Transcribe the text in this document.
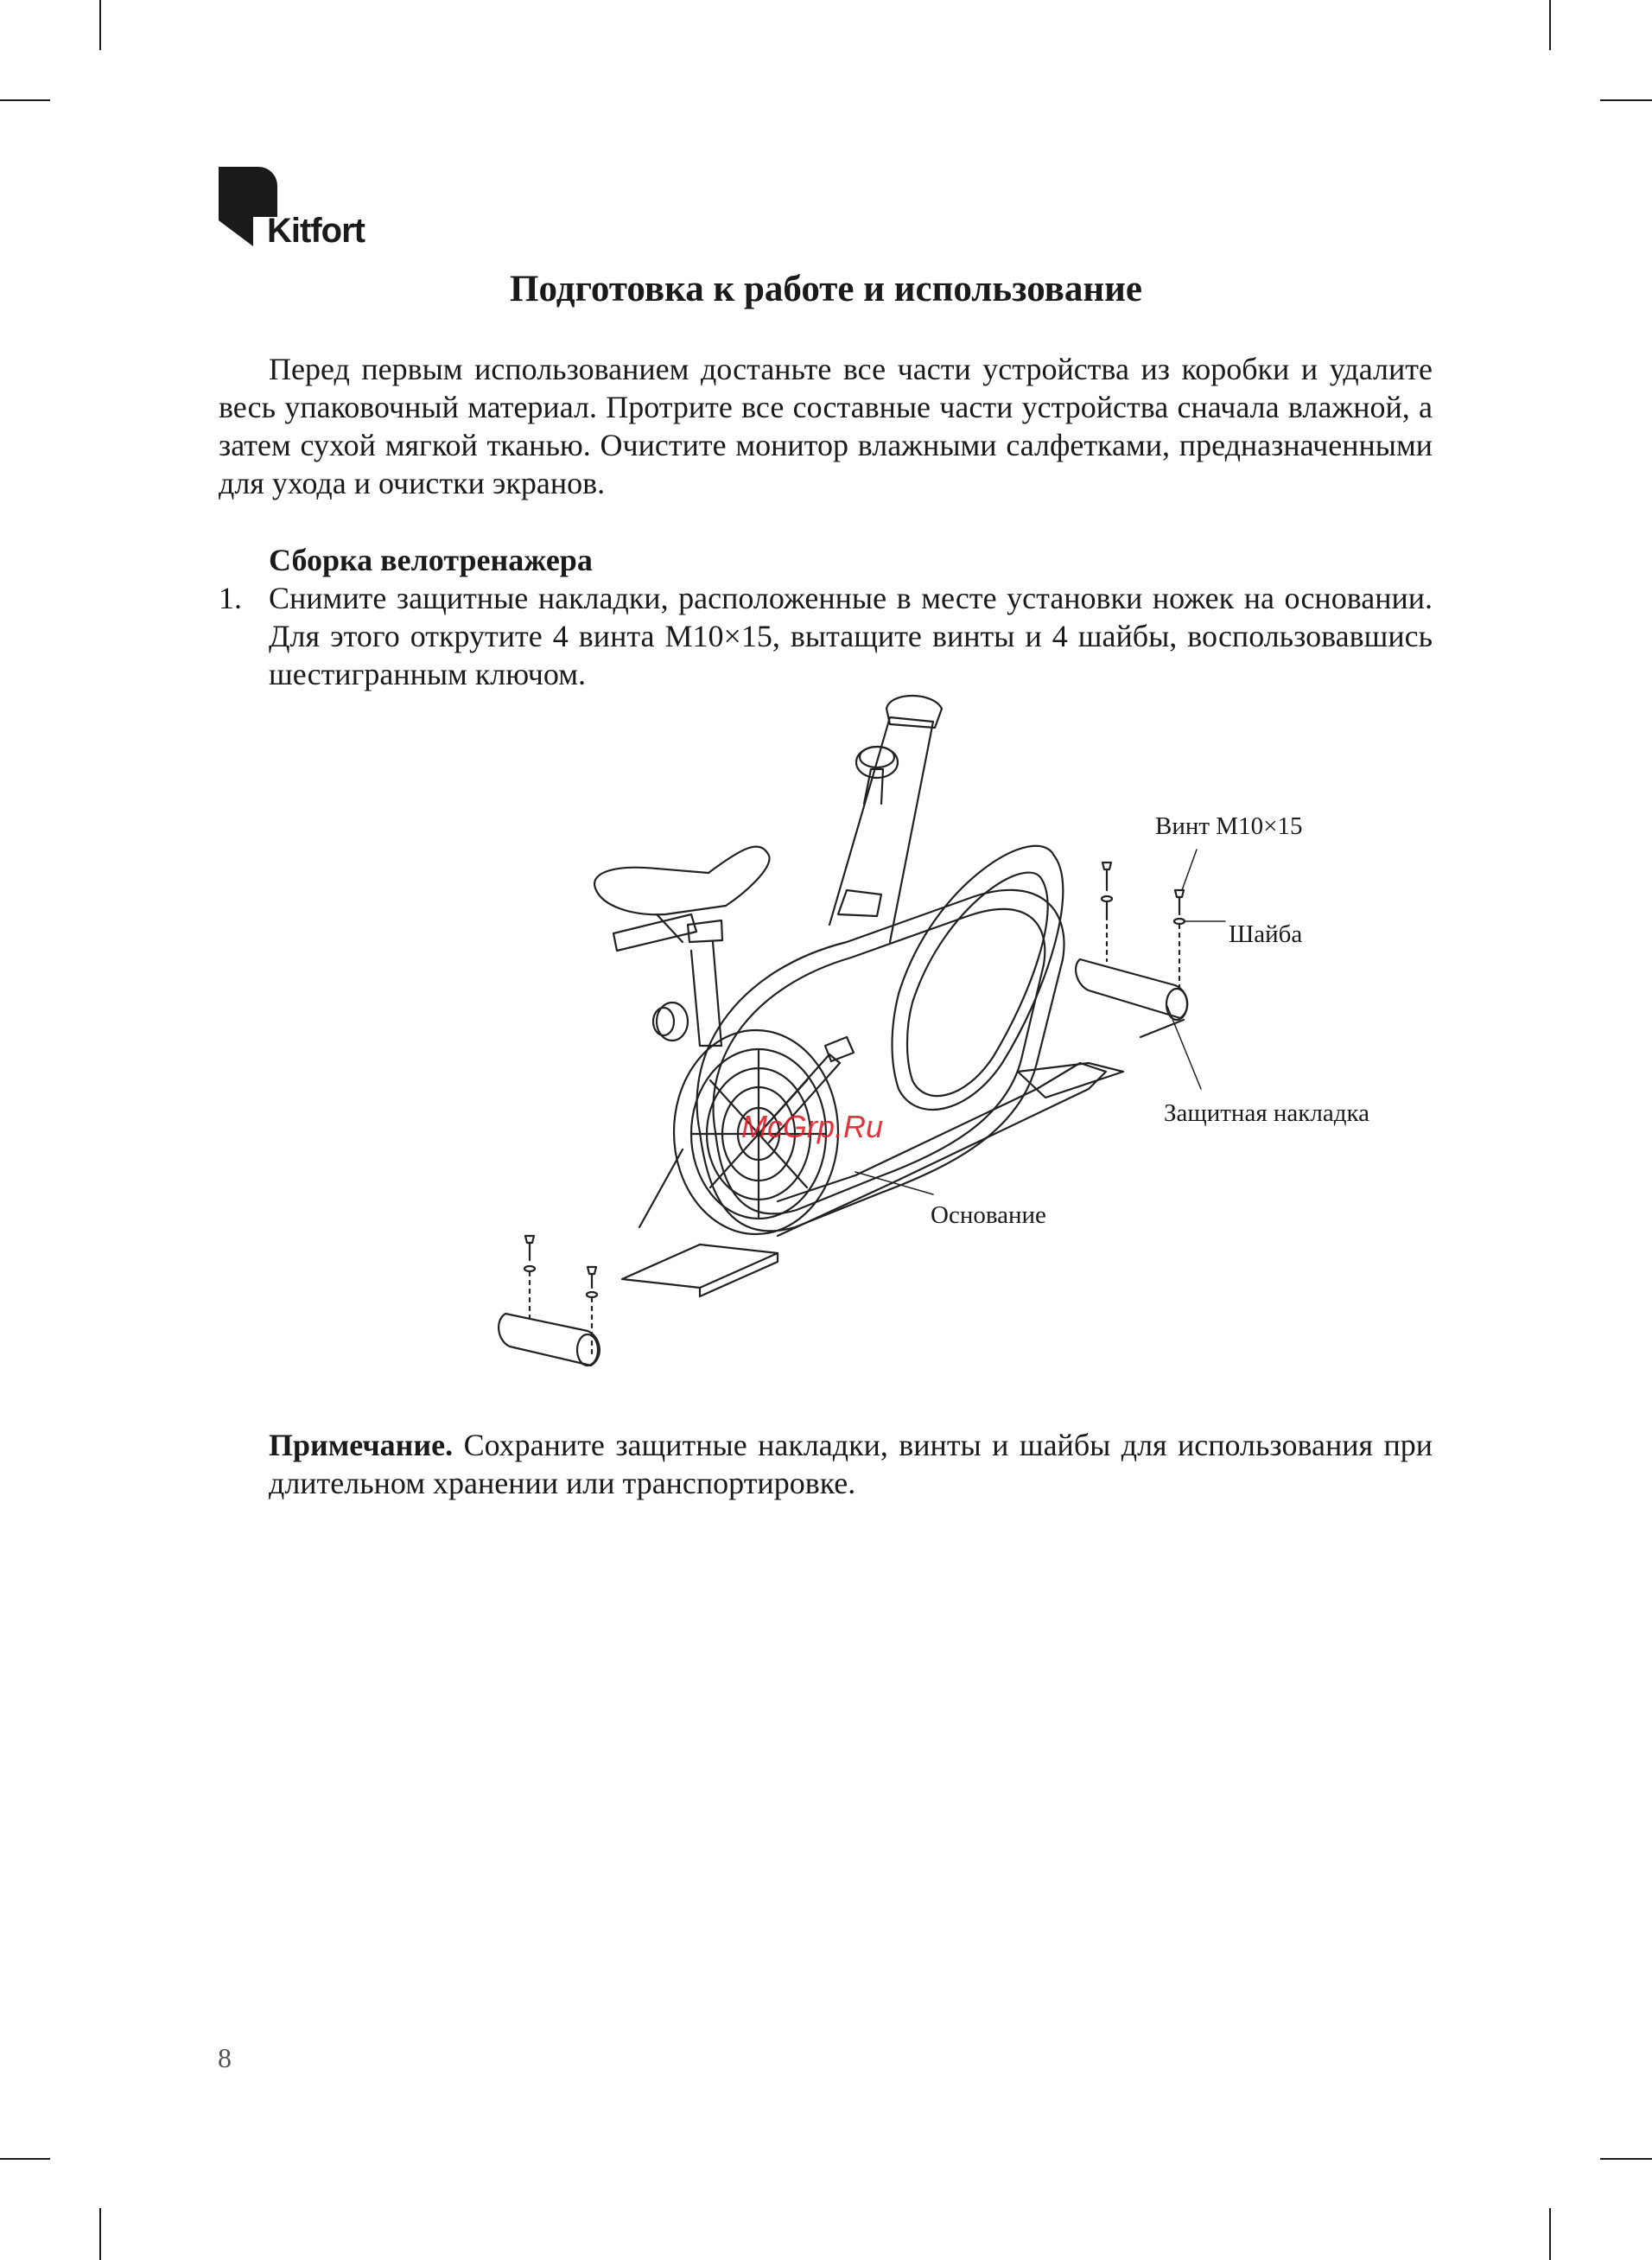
Kitfort
Подготовка к работе и использование

Перед первым использованием достаньте все части устройства из коробки и удалите весь упаковочный материал. Протрите все составные части устройства сначала влажной, а затем сухой мягкой тканью. Очистите монитор влажными салфетками, предназначенными для ухода и очистки экранов.

Сборка велотренажера

1. Снимите защитные накладки, расположенные в месте установки ножек на основании. Для этого открутите 4 винта М10×15, вытащите винты и 4 шайбы, воспользовавшись шестигранным ключом.

Винт М10×15
Шайба
Защитная накладка
Основание
McGrp.Ru

Примечание. Сохраните защитные накладки, винты и шайбы для использования при длительном хранении или транспортировке.

8
